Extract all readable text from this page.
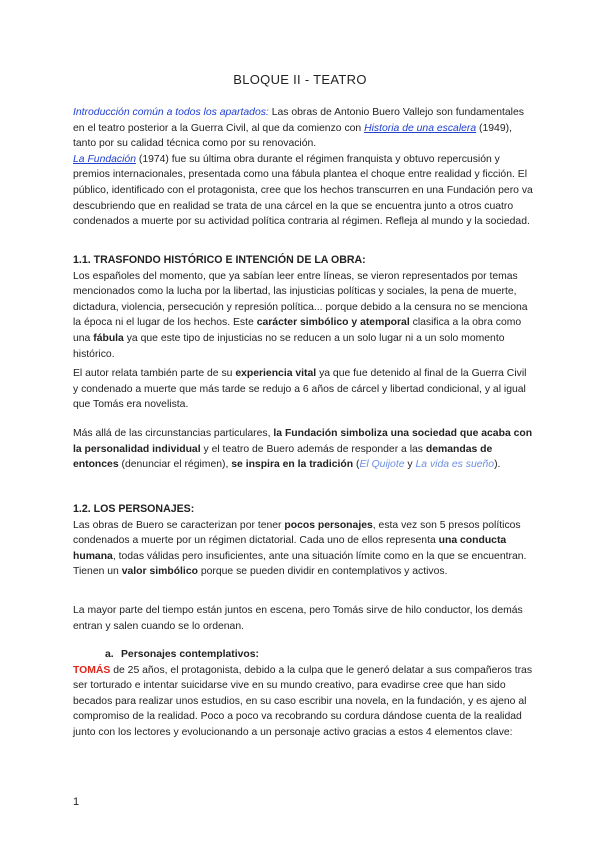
BLOQUE II - TEATRO

Introducción común a todos los apartados: Las obras de Antonio Buero Vallejo son fundamentales en el teatro posterior a la Guerra Civil, al que da comienzo con Historia de una escalera (1949), tanto por su calidad técnica como por su renovación.

La Fundación (1974) fue su última obra durante el régimen franquista y obtuvo repercusión y premios internacionales, presentada como una fábula plantea el choque entre realidad y ficción. El público, identificado con el protagonista, cree que los hechos transcurren en una Fundación pero va descubriendo que en realidad se trata de una cárcel en la que se encuentra junto a otros cuatro condenados a muerte por su actividad política contraria al régimen. Refleja al mundo y la sociedad.

1.1. TRASFONDO HISTÓRICO E INTENCIÓN DE LA OBRA:

Los españoles del momento, que ya sabían leer entre líneas, se vieron representados por temas mencionados como la lucha por la libertad, las injusticias políticas y sociales, la pena de muerte, dictadura, violencia, persecución y represión política... porque debido a la censura no se menciona la época ni el lugar de los hechos. Este carácter simbólico y atemporal clasifica a la obra como una fábula ya que este tipo de injusticias no se reducen a un solo lugar ni a un solo momento histórico.

El autor relata también parte de su experiencia vital ya que fue detenido al final de la Guerra Civil y condenado a muerte que más tarde se redujo a 6 años de cárcel y libertad condicional, y al igual que Tomás era novelista.

Más allá de las circunstancias particulares, la Fundación simboliza una sociedad que acaba con la personalidad individual y el teatro de Buero además de responder a las demandas de entonces (denunciar el régimen), se inspira en la tradición (El Quijote y La vida es sueño).

1.2. LOS PERSONAJES:

Las obras de Buero se caracterizan por tener pocos personajes, esta vez son 5 presos políticos condenados a muerte por un régimen dictatorial. Cada uno de ellos representa una conducta humana, todas válidas pero insuficientes, ante una situación límite como en la que se encuentran. Tienen un valor simbólico porque se pueden dividir en contemplativos y activos.

La mayor parte del tiempo están juntos en escena, pero Tomás sirve de hilo conductor, los demás entran y salen cuando se lo ordenan.

a. Personajes contemplativos:

TOMÁS de 25 años, el protagonista, debido a la culpa que le generó delatar a sus compañeros tras ser torturado e intentar suicidarse vive en su mundo creativo, para evadirse cree que han sido becados para realizar unos estudios, en su caso escribir una novela, en la fundación, y es ajeno al compromiso de la realidad. Poco a poco va recobrando su cordura dándose cuenta de la realidad junto con los lectores y evolucionando a un personaje activo gracias a estos 4 elementos clave:

1
